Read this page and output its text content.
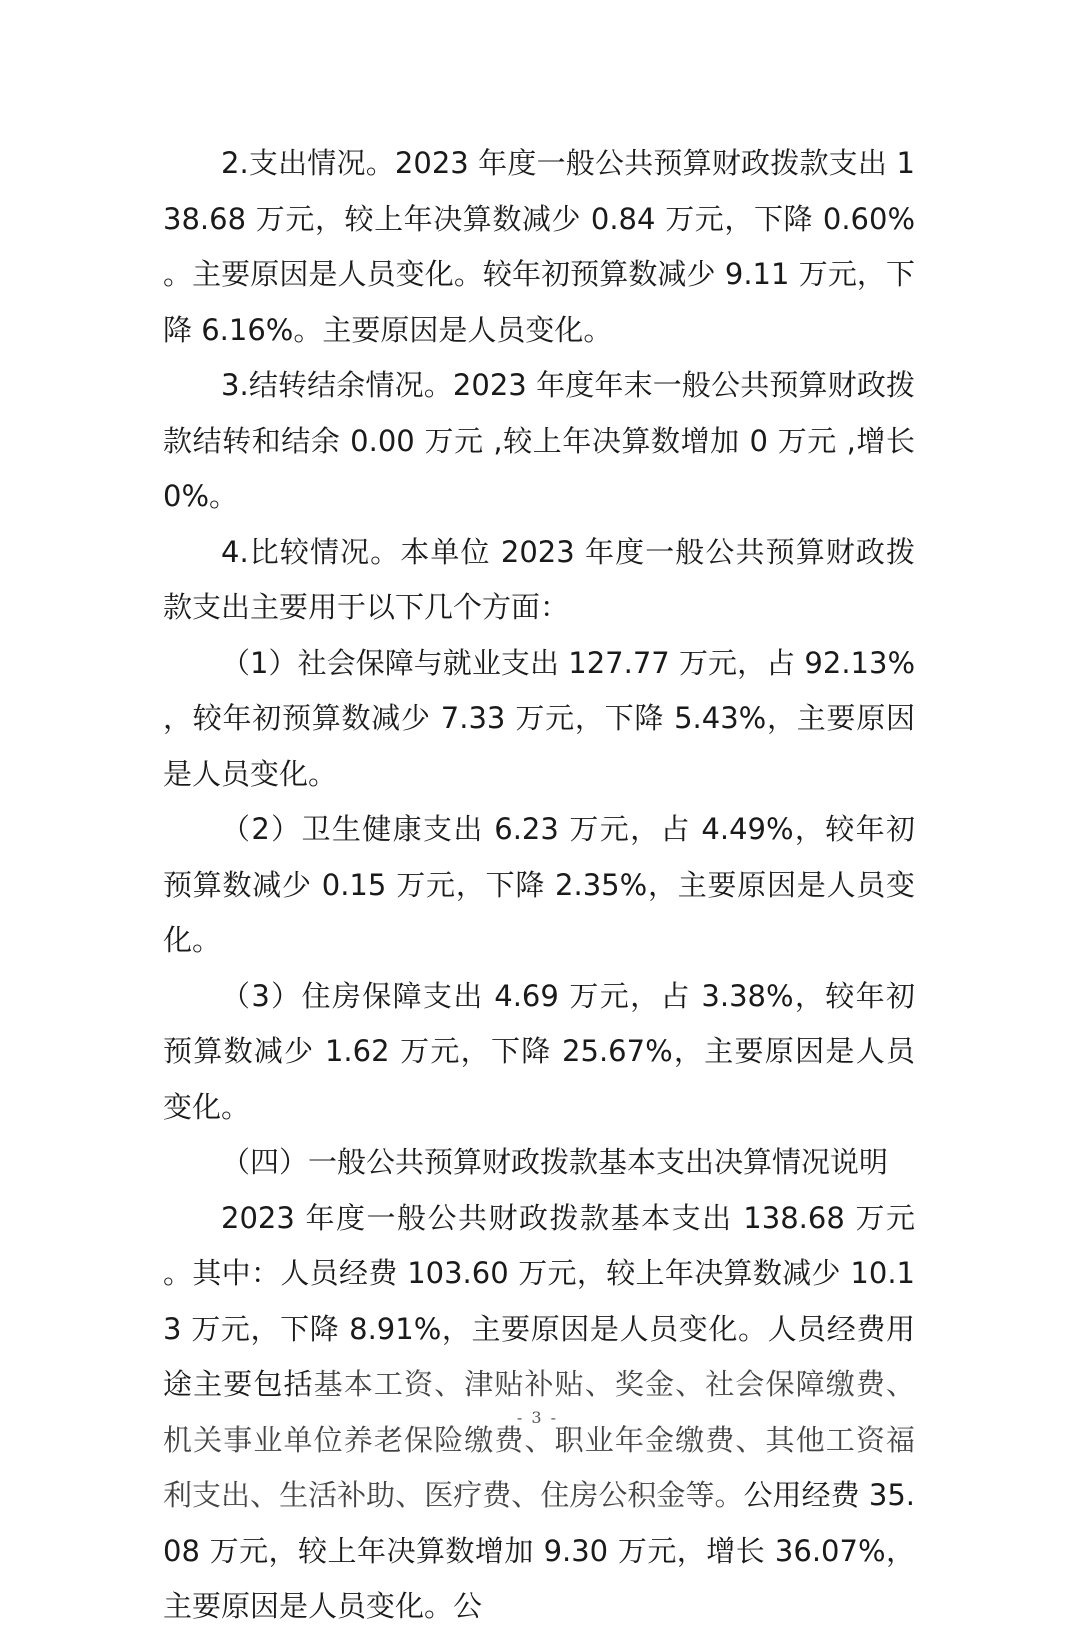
2.支出情况。2023 年度一般公共预算财政拨款支出 138.68 万元，较上年决算数减少 0.84 万元，下降 0.60%。主要原因是人员变化。较年初预算数减少 9.11 万元，下降 6.16%。主要原因是人员变化。

3.结转结余情况。2023 年度年末一般公共预算财政拨款结转和结余 0.00 万元 ,较上年决算数增加 0 万元 ,增长 0%。

4.比较情况。本单位 2023 年度一般公共预算财政拨款支出主要用于以下几个方面：

（1）社会保障与就业支出 127.77 万元，占 92.13%，较年初预算数减少 7.33 万元，下降 5.43%，主要原因是人员变化。

（2）卫生健康支出 6.23 万元，占 4.49%，较年初预算数减少 0.15 万元，下降 2.35%，主要原因是人员变化。

（3）住房保障支出 4.69 万元，占 3.38%，较年初预算数减少 1.62 万元，下降 25.67%，主要原因是人员变化。

（四）一般公共预算财政拨款基本支出决算情况说明

2023 年度一般公共财政拨款基本支出 138.68 万元。其中：人员经费 103.60 万元，较上年决算数减少 10.13 万元，下降 8.91%，主要原因是人员变化。人员经费用途主要包括基本工资、津贴补贴、奖金、社会保障缴费、机关事业单位养老保险缴费、职业年金缴费、其他工资福利支出、生活补助、医疗费、住房公积金等。公用经费 35.08 万元，较上年决算数增加 9.30 万元，增长 36.07%，主要原因是人员变化。公

- 3 -
